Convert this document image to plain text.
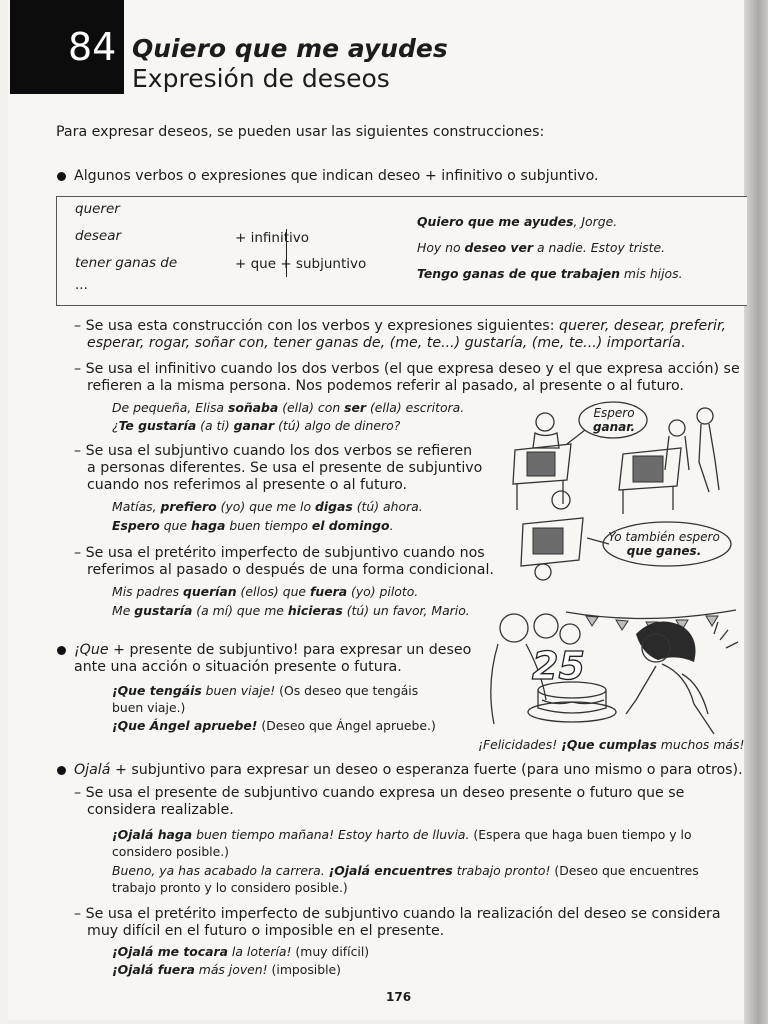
84 Quiero que me ayudes
Expresión de deseos
Para expresar deseos, se pueden usar las siguientes construcciones:
Algunos verbos o expresiones que indican deseo + infinitivo o subjuntivo.
querer
desear
tener ganas de
...
+ infinitivo
+ que + subjuntivo
Quiero que me ayudes, Jorge.
Hoy no deseo ver a nadie. Estoy triste.
Tengo ganas de que trabajen mis hijos.
– Se usa esta construcción con los verbos y expresiones siguientes: querer, desear, preferir,
esperar, rogar, soñar con, tener ganas de, (me, te...) gustaría, (me, te...) importaría.
– Se usa el infinitivo cuando los dos verbos (el que expresa deseo y el que expresa acción) se
refieren a la misma persona. Nos podemos referir al pasado, al presente o al futuro.
De pequeña, Elisa soñaba (ella) con ser (ella) escritora.
¿Te gustaría (a ti) ganar (tú) algo de dinero?
– Se usa el subjuntivo cuando los dos verbos se refieren
a personas diferentes. Se usa el presente de subjuntivo
cuando nos referimos al presente o al futuro.
Matías, prefiero (yo) que me lo digas (tú) ahora.
Espero que haga buen tiempo el domingo.
– Se usa el pretérito imperfecto de subjuntivo cuando nos
referimos al pasado o después de una forma condicional.
Mis padres querían (ellos) que fuera (yo) piloto.
Me gustaría (a mí) que me hicieras (tú) un favor, Mario.
¡Que + presente de subjuntivo! para expresar un deseo
ante una acción o situación presente o futura.
¡Que tengáis buen viaje! (Os deseo que tengáis
buen viaje.)
¡Que Ángel apruebe! (Deseo que Ángel apruebe.)
Ojalá + subjuntivo para expresar un deseo o esperanza fuerte (para uno mismo o para otros).
– Se usa el presente de subjuntivo cuando expresa un deseo presente o futuro que se
considera realizable.
¡Ojalá haga buen tiempo mañana! Estoy harto de lluvia. (Espera que haga buen tiempo y lo
considero posible.)
Bueno, ya has acabado la carrera. ¡Ojalá encuentres trabajo pronto! (Deseo que encuentres
trabajo pronto y lo considero posible.)
– Se usa el pretérito imperfecto de subjuntivo cuando la realización del deseo se considera
muy difícil en el futuro o imposible en el presente.
¡Ojalá me tocara la lotería! (muy difícil)
¡Ojalá fuera más joven! (imposible)
Espero
ganar.
Yo también espero
que ganes.
25
¡Felicidades! ¡Que cumplas muchos más!
176
